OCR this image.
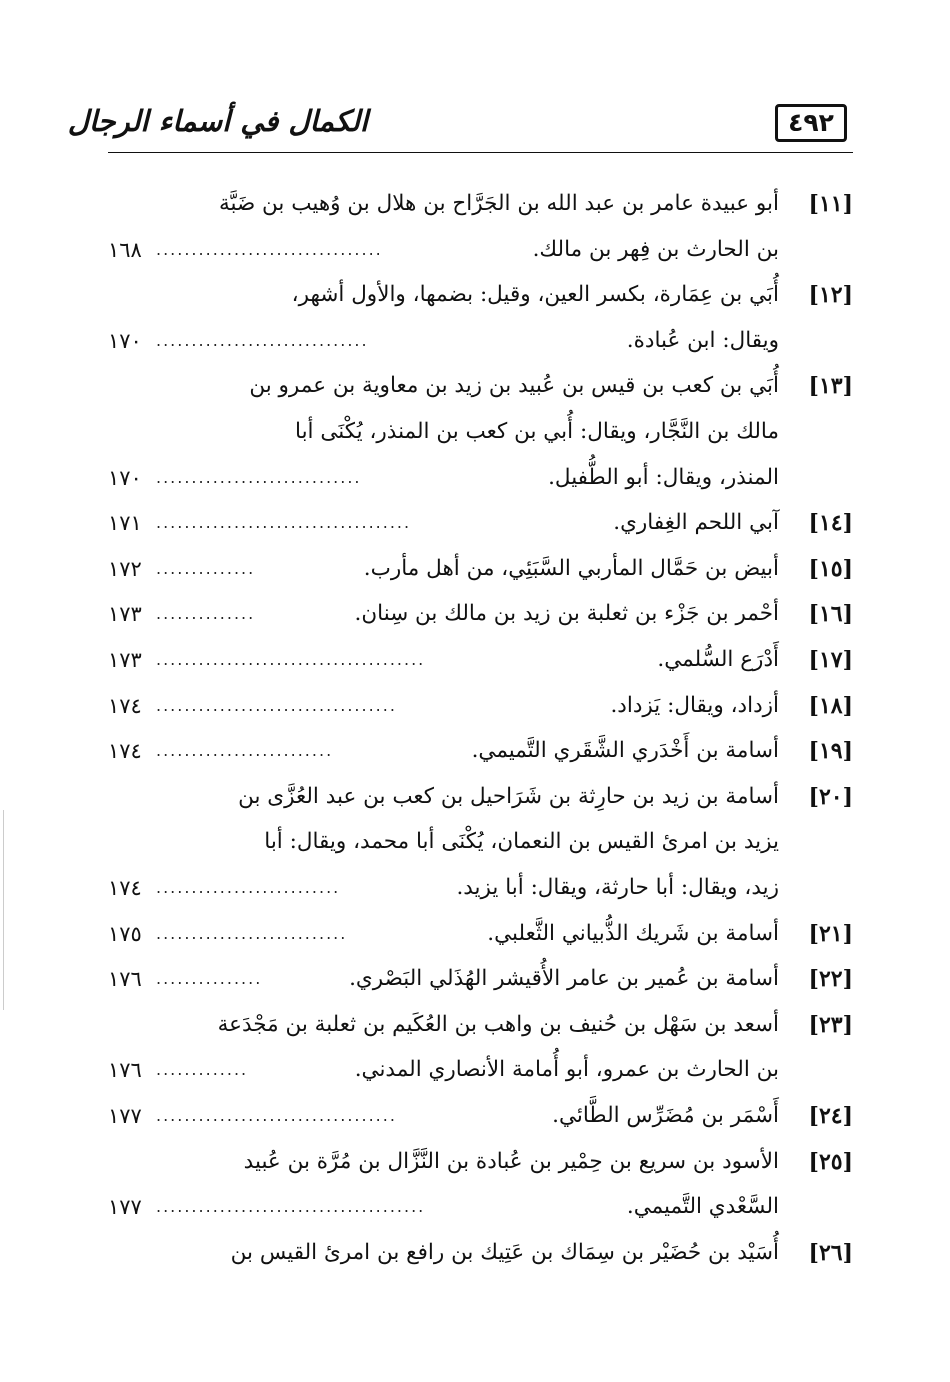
٤٩٢
الكمال في أسماء الرجال
[١١]
أبو عبيدة عامر بن عبد الله بن الجَرَّاح بن هلال بن وُهيب بن ضَبَّة
بن الحارث بن فِهر بن مالك.
................................
١٦٨
[١٢]
أُبَي بن عِمَارة، بكسر العين، وقيل: بضمها، والأول أشهر،
ويقال: ابن عُبادة.
..............................
١٧٠
[١٣]
أُبَي بن كعب بن قيس بن عُبيد بن زيد بن معاوية بن عمرو بن
مالك بن النَّجَّار، ويقال: أُبي بن كعب بن المنذر، يُكْنَى أبا
المنذر، ويقال: أبو الطُّفيل.
.............................
١٧٠
[١٤]
آبي اللحم الغِفاري.
....................................
١٧١
[١٥]
أبيض بن حَمَّال المأربي السَّبَئِي، من أهل مأرب.
..............
١٧٢
[١٦]
أحْمر بن جَزْء بن ثعلبة بن زيد بن مالك بن سِنان.
..............
١٧٣
[١٧]
أَدْرَع السُّلمي.
......................................
١٧٣
[١٨]
أزداد، ويقال: يَزداد.
..................................
١٧٤
[١٩]
أسامة بن أَخْدَري الشَّقَري التَّميمي.
.........................
١٧٤
[٢٠]
أسامة بن زيد بن حارِثة بن شَرَاحيل بن كعب بن عبد العُزَّى بن
يزيد بن امرئ القيس بن النعمان، يُكْنَى أبا محمد، ويقال: أبا
زيد، ويقال: أبا حارثة، ويقال: أبا يزيد.
..........................
١٧٤
[٢١]
أسامة بن شَريك الذُّبياني الثَّعلبي.
...........................
١٧٥
[٢٢]
أسامة بن عُمير بن عامر الأُقيشر الهُذَلي البَصْري.
...............
١٧٦
[٢٣]
أسعد بن سَهْل بن حُنيف بن واهب بن العُكَيم بن ثعلبة بن مَجْدَعة
بن الحارث بن عمرو، أبو أُمامة الأنصاري المدني.
.............
١٧٦
[٢٤]
أَسْمَر بن مُضَرِّس الطَّائي.
..................................
١٧٧
[٢٥]
الأسود بن سريع بن حِمْير بن عُبادة بن النَّزَّال بن مُرَّة بن عُبيد
السَّعْدي التَّميمي.
......................................
١٧٧
[٢٦]
أُسَيْد بن حُضَيْر بن سِمَاك بن عَتِيك بن رافع بن امرئ القيس بن
